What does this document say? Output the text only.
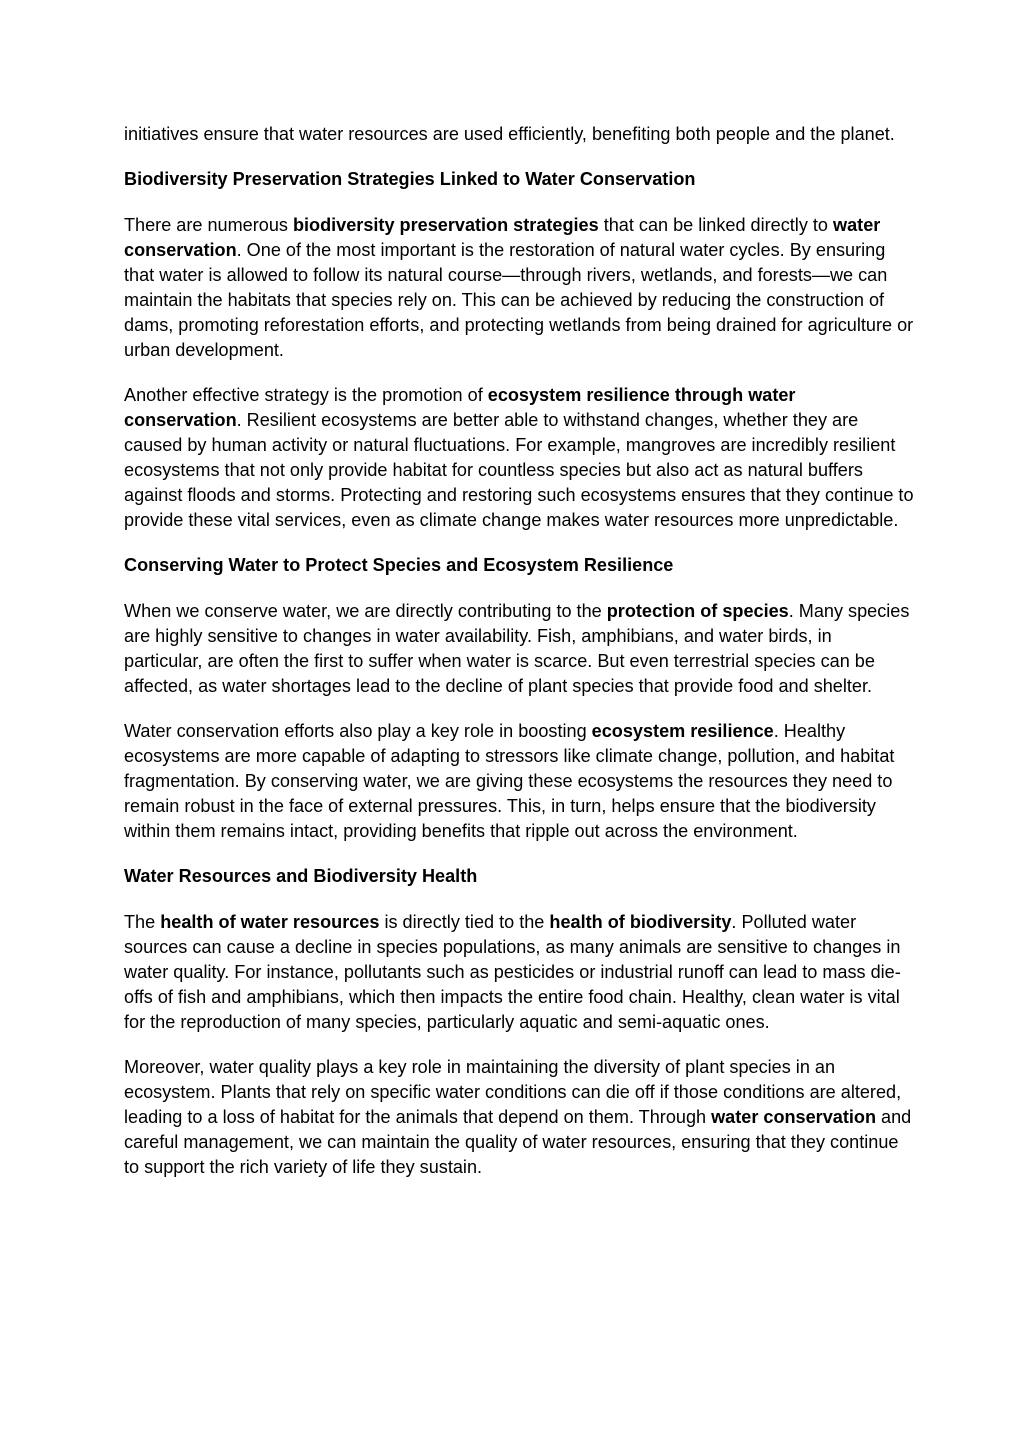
initiatives ensure that water resources are used efficiently, benefiting both people and the planet.

Biodiversity Preservation Strategies Linked to Water Conservation

There are numerous biodiversity preservation strategies that can be linked directly to water conservation. One of the most important is the restoration of natural water cycles. By ensuring that water is allowed to follow its natural course—through rivers, wetlands, and forests—we can maintain the habitats that species rely on. This can be achieved by reducing the construction of dams, promoting reforestation efforts, and protecting wetlands from being drained for agriculture or urban development.

Another effective strategy is the promotion of ecosystem resilience through water conservation. Resilient ecosystems are better able to withstand changes, whether they are caused by human activity or natural fluctuations. For example, mangroves are incredibly resilient ecosystems that not only provide habitat for countless species but also act as natural buffers against floods and storms. Protecting and restoring such ecosystems ensures that they continue to provide these vital services, even as climate change makes water resources more unpredictable.

Conserving Water to Protect Species and Ecosystem Resilience

When we conserve water, we are directly contributing to the protection of species. Many species are highly sensitive to changes in water availability. Fish, amphibians, and water birds, in particular, are often the first to suffer when water is scarce. But even terrestrial species can be affected, as water shortages lead to the decline of plant species that provide food and shelter.

Water conservation efforts also play a key role in boosting ecosystem resilience. Healthy ecosystems are more capable of adapting to stressors like climate change, pollution, and habitat fragmentation. By conserving water, we are giving these ecosystems the resources they need to remain robust in the face of external pressures. This, in turn, helps ensure that the biodiversity within them remains intact, providing benefits that ripple out across the environment.

Water Resources and Biodiversity Health

The health of water resources is directly tied to the health of biodiversity. Polluted water sources can cause a decline in species populations, as many animals are sensitive to changes in water quality. For instance, pollutants such as pesticides or industrial runoff can lead to mass die-offs of fish and amphibians, which then impacts the entire food chain. Healthy, clean water is vital for the reproduction of many species, particularly aquatic and semi-aquatic ones.

Moreover, water quality plays a key role in maintaining the diversity of plant species in an ecosystem. Plants that rely on specific water conditions can die off if those conditions are altered, leading to a loss of habitat for the animals that depend on them. Through water conservation and careful management, we can maintain the quality of water resources, ensuring that they continue to support the rich variety of life they sustain.
